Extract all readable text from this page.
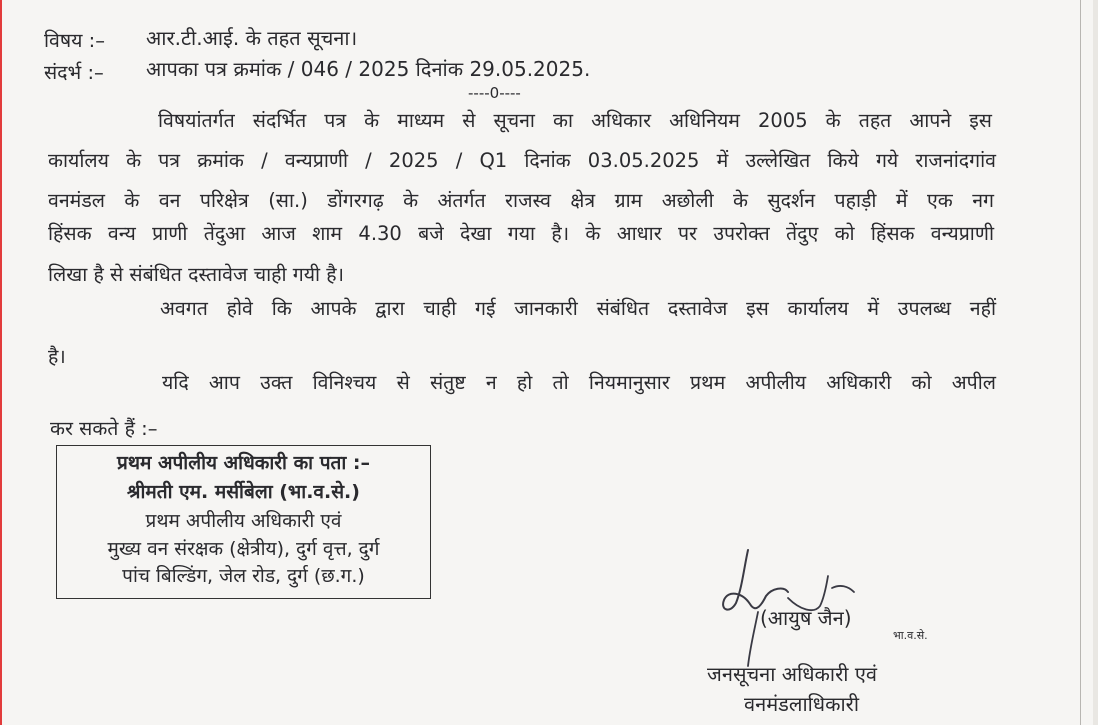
विषय :– आर.टी.आई. के तहत सूचना।
संदर्भ :– आपका पत्र क्रमांक / 046 / 2025 दिनांक 29.05.2025.
----0----
विषयांतर्गत संदर्भित पत्र के माध्यम से सूचना का अधिकार अधिनियम 2005 के तहत आपने इस
कार्यालय के पत्र क्रमांक / वन्यप्राणी / 2025 / Q1 दिनांक 03.05.2025 में उल्लेखित किये गये राजनांदगांव
वनमंडल के वन परिक्षेत्र (सा.) डोंगरगढ़ के अंतर्गत राजस्व क्षेत्र ग्राम अछोली के सुदर्शन पहाड़ी में एक नग
हिंसक वन्य प्राणी तेंदुआ आज शाम 4.30 बजे देखा गया है। के आधार पर उपरोक्त तेंदुए को हिंसक वन्यप्राणी
लिखा है से संबंधित दस्तावेज चाही गयी है।
अवगत होवे कि आपके द्वारा चाही गई जानकारी संबंधित दस्तावेज इस कार्यालय में उपलब्ध नहीं
है।
यदि आप उक्त विनिश्चय से संतुष्ट न हो तो नियमानुसार प्रथम अपीलीय अधिकारी को अपील
कर सकते हैं :–
प्रथम अपीलीय अधिकारी का पता :–
श्रीमती एम. मर्सीबेला (भा.व.से.)
प्रथम अपीलीय अधिकारी एवं
मुख्य वन संरक्षक (क्षेत्रीय), दुर्ग वृत्त, दुर्ग
पांच बिल्डिंग, जेल रोड, दुर्ग (छ.ग.)
(आयुष जैन)
भा.व.से.
जनसूचना अधिकारी एवं
वनमंडलाधिकारी
